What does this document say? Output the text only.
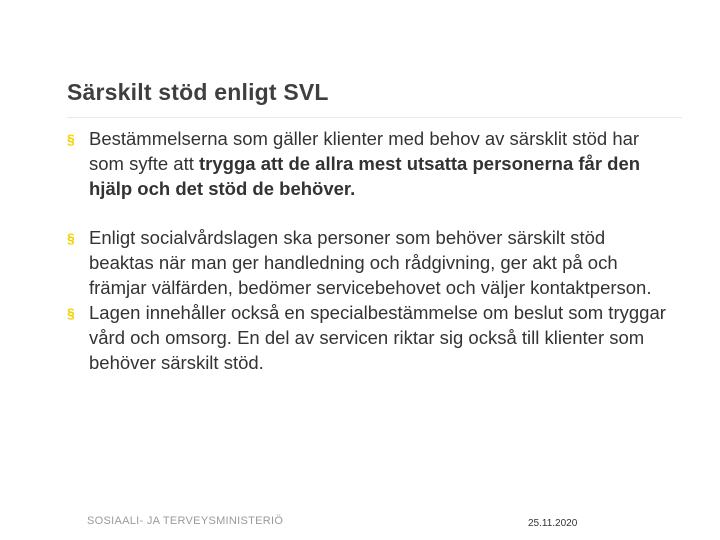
Särskilt stöd enligt SVL
§ Bestämmelserna som gäller klienter med behov av särsklit stöd har som syfte att trygga att de allra mest utsatta personerna får den hjälp och det stöd de behöver.
§ Enligt socialvårdslagen ska personer som behöver särskilt stöd beaktas när man ger handledning och rådgivning, ger akt på och främjar välfärden, bedömer servicebehovet och väljer kontaktperson.
§ Lagen innehåller också en specialbestämmelse om beslut som tryggar vård och omsorg. En del av servicen riktar sig också till klienter som behöver särskilt stöd.
SOSIAALI- JA TERVEYSMINISTERIÖ	25.11.2020
